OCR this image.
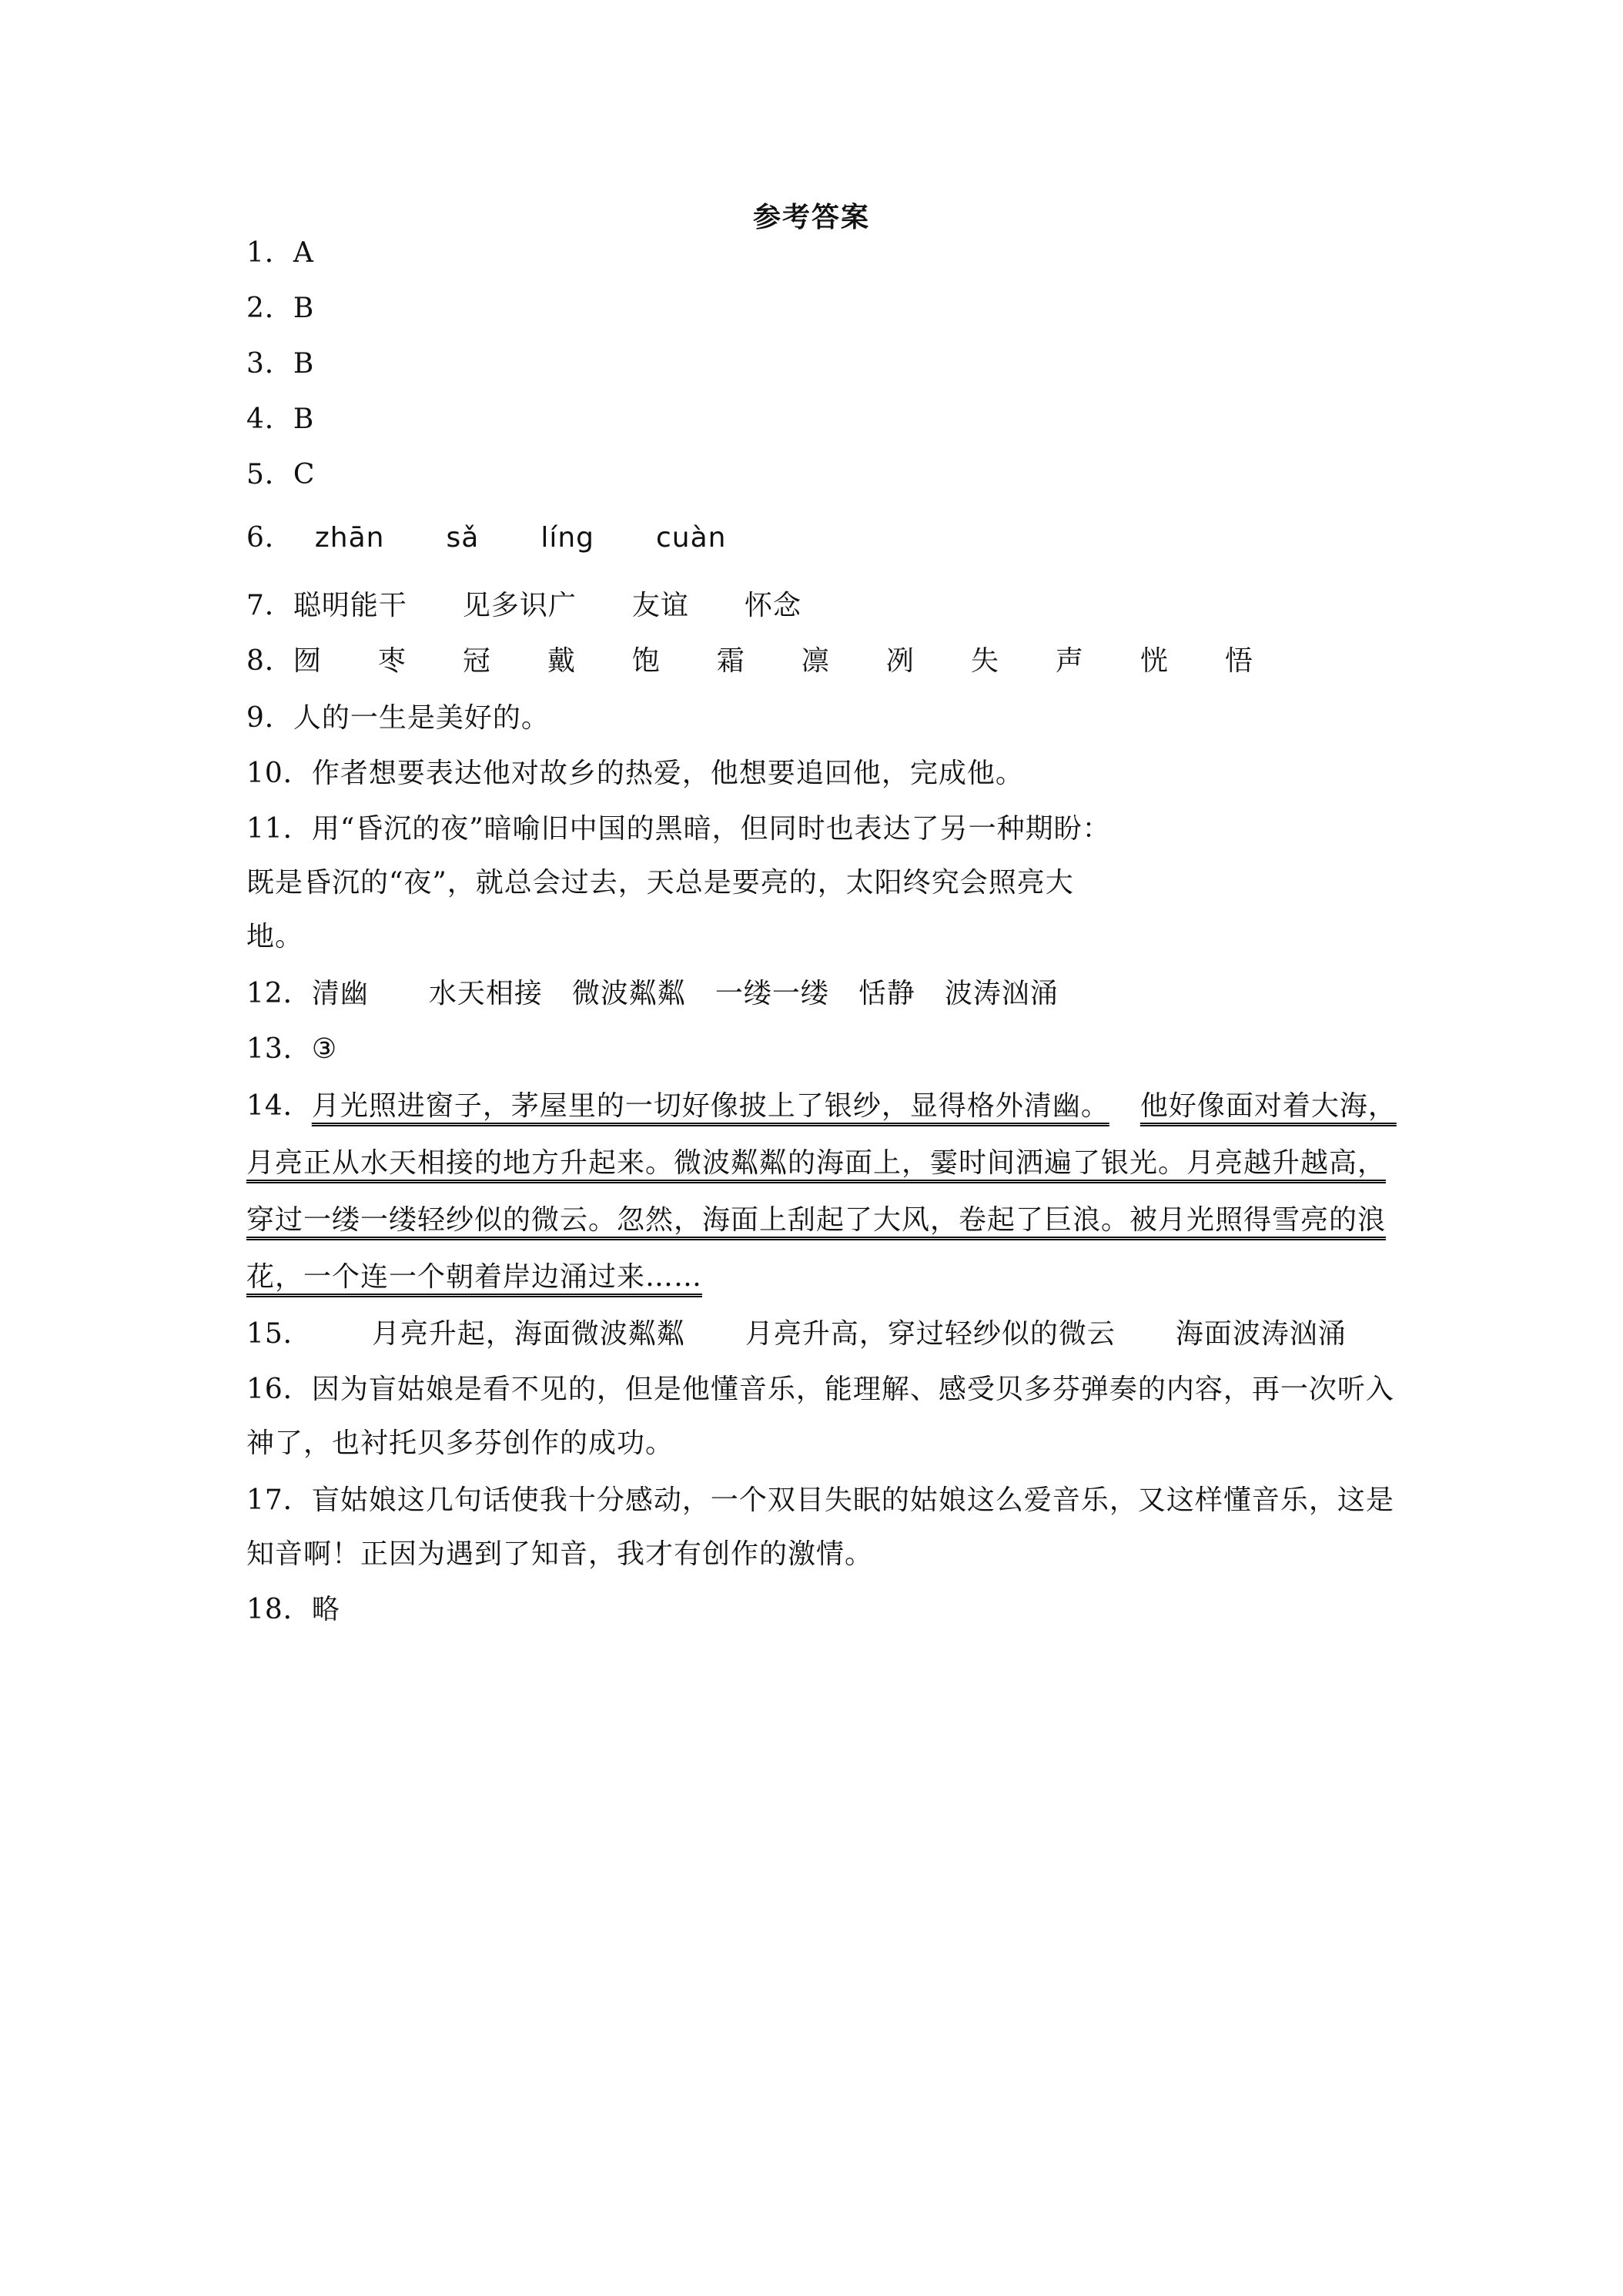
参考答案
1．A
2．B
3．B
4．B
5．C
6． zhān sǎ líng cuàn
7．聪明能干 见多识广 友谊 怀念
8．囫 枣 冠 戴 饱 霜 凛 冽 失 声 恍 悟
9．人的一生是美好的。
10．作者想要表达他对故乡的热爱，他想要追回他，完成他。
11．用“昏沉的夜”暗喻旧中国的黑暗，但同时也表达了另一种期盼：
既是昏沉的“夜”，就总会过去，天总是要亮的，太阳终究会照亮大
地。
12．清幽 水天相接 微波粼粼 一缕一缕 恬静 波涛汹涌
13．③
14．月光照进窗子，茅屋里的一切好像披上了银纱，显得格外清幽。 他好像面对着大海，
月亮正从水天相接的地方升起来。微波粼粼的海面上，霎时间洒遍了银光。月亮越升越高，
穿过一缕一缕轻纱似的微云。忽然，海面上刮起了大风，卷起了巨浪。被月光照得雪亮的浪
花，一个连一个朝着岸边涌过来……
15． 月亮升起，海面微波粼粼 月亮升高，穿过轻纱似的微云 海面波涛汹涌
16．因为盲姑娘是看不见的，但是他懂音乐，能理解、感受贝多芬弹奏的内容，再一次听入
神了，也衬托贝多芬创作的成功。
17．盲姑娘这几句话使我十分感动，一个双目失眠的姑娘这么爱音乐，又这样懂音乐，这是
知音啊！正因为遇到了知音，我才有创作的激情。
18．略
